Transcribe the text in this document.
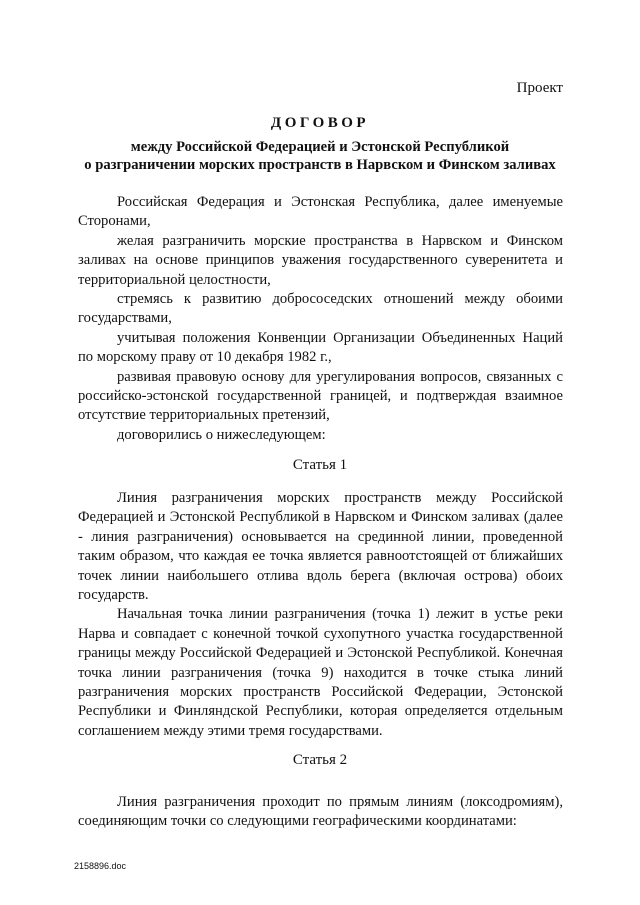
Проект
ДОГОВОР
между Российской Федерацией и Эстонской Республикой
о разграничении морских пространств в Нарвском и Финском заливах

Российская Федерация и Эстонская Республика, далее именуемые Сторонами,

желая разграничить морские пространства в Нарвском и Финском заливах на основе принципов уважения государственного суверенитета и территориальной целостности,

стремясь к развитию добрососедских отношений между обоими государствами,

учитывая положения Конвенции Организации Объединенных Наций по морскому праву от 10 декабря 1982 г.,

развивая правовую основу для урегулирования вопросов, связанных с российско-эстонской государственной границей, и подтверждая взаимное отсутствие территориальных претензий,

договорились о нижеследующем:

Статья 1

Линия разграничения морских пространств между Российской Федерацией и Эстонской Республикой в Нарвском и Финском заливах (далее - линия разграничения) основывается на срединной линии, проведенной таким образом, что каждая ее точка является равноотстоящей от ближайших точек линии наибольшего отлива вдоль берега (включая острова) обоих государств.

Начальная точка линии разграничения (точка 1) лежит в устье реки Нарва и совпадает с конечной точкой сухопутного участка государственной границы между Российской Федерацией и Эстонской Республикой. Конечная точка линии разграничения (точка 9) находится в точке стыка линий разграничения морских пространств Российской Федерации, Эстонской Республики и Финляндской Республики, которая определяется отдельным соглашением между этими тремя государствами.

Статья 2

Линия разграничения проходит по прямым линиям (локсодромиям), соединяющим точки со следующими географическими координатами:

2158896.doc
